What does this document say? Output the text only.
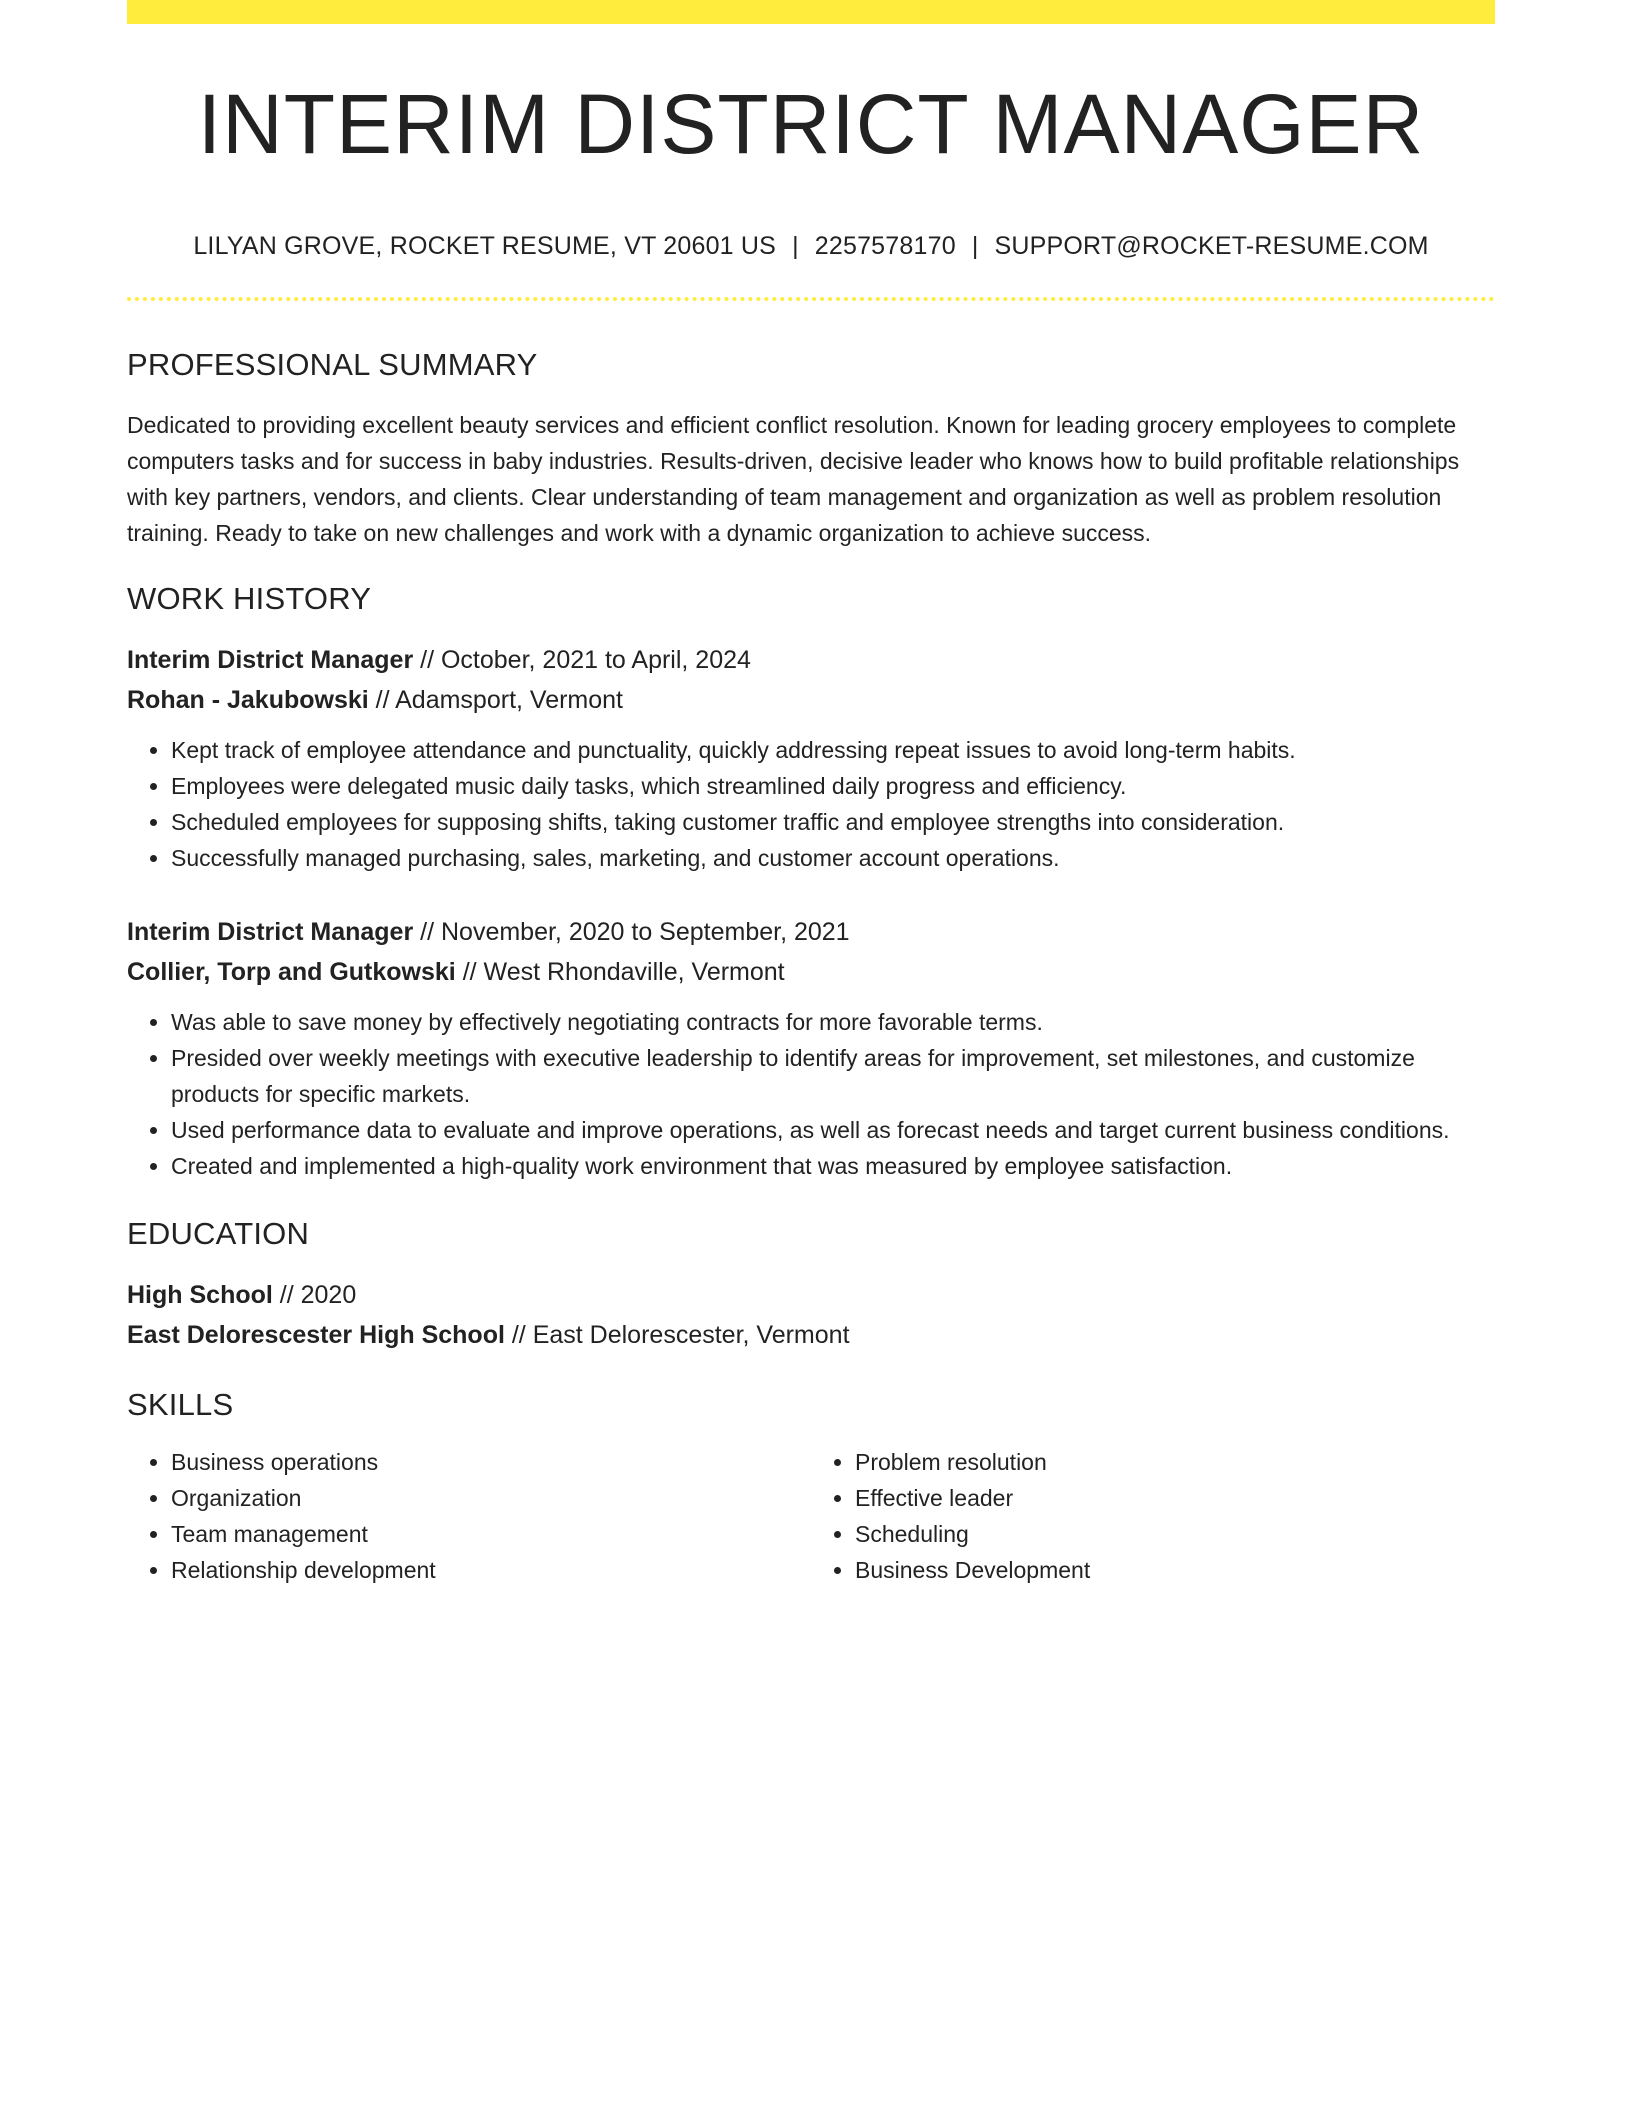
INTERIM DISTRICT MANAGER
LILYAN GROVE, ROCKET RESUME, VT 20601 US | 2257578170 | SUPPORT@ROCKET-RESUME.COM
PROFESSIONAL SUMMARY

Dedicated to providing excellent beauty services and efficient conflict resolution. Known for leading grocery employees to complete computers tasks and for success in baby industries. Results-driven, decisive leader who knows how to build profitable relationships with key partners, vendors, and clients. Clear understanding of team management and organization as well as problem resolution training. Ready to take on new challenges and work with a dynamic organization to achieve success.

WORK HISTORY
Interim District Manager // October, 2021 to April, 2024
Rohan - Jakubowski // Adamsport, Vermont
• Kept track of employee attendance and punctuality, quickly addressing repeat issues to avoid long-term habits.
• Employees were delegated music daily tasks, which streamlined daily progress and efficiency.
• Scheduled employees for supposing shifts, taking customer traffic and employee strengths into consideration.
• Successfully managed purchasing, sales, marketing, and customer account operations.
Interim District Manager // November, 2020 to September, 2021
Collier, Torp and Gutkowski // West Rhondaville, Vermont
• Was able to save money by effectively negotiating contracts for more favorable terms.
• Presided over weekly meetings with executive leadership to identify areas for improvement, set milestones, and customize products for specific markets.
• Used performance data to evaluate and improve operations, as well as forecast needs and target current business conditions.
• Created and implemented a high-quality work environment that was measured by employee satisfaction.
EDUCATION
High School // 2020
East Delorescester High School // East Delorescester, Vermont
SKILLS
• Business operations
• Organization
• Team management
• Relationship development
• Problem resolution
• Effective leader
• Scheduling
• Business Development
